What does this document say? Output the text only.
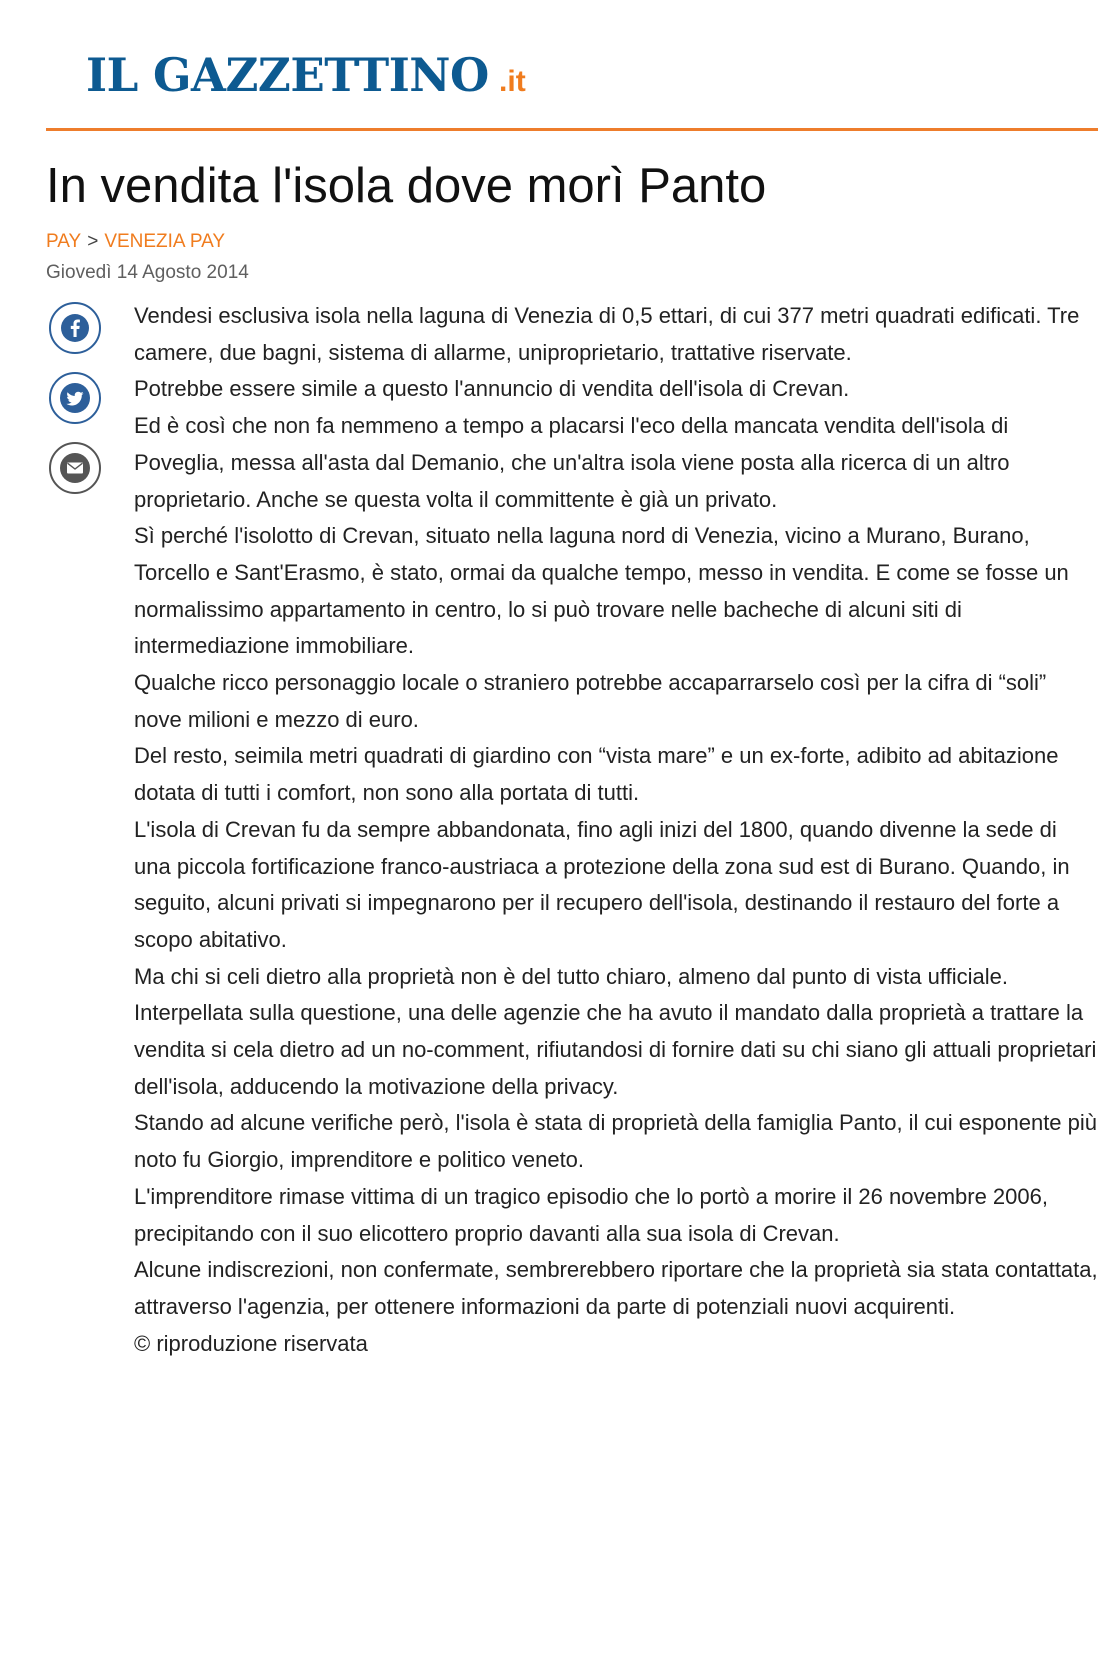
IL GAZZETTINO .it
In vendita l'isola dove morì Panto
PAY > VENEZIA PAY
Giovedì 14 Agosto 2014

Vendesi esclusiva isola nella laguna di Venezia di 0,5 ettari, di cui 377 metri quadrati edificati. Tre camere, due bagni, sistema di allarme, uniproprietario, trattative riservate.

Potrebbe essere simile a questo l'annuncio di vendita dell'isola di Crevan.

Ed è così che non fa nemmeno a tempo a placarsi l'eco della mancata vendita dell'isola di Poveglia, messa all'asta dal Demanio, che un'altra isola viene posta alla ricerca di un altro proprietario. Anche se questa volta il committente è già un privato.

Sì perché l'isolotto di Crevan, situato nella laguna nord di Venezia, vicino a Murano, Burano, Torcello e Sant'Erasmo, è stato, ormai da qualche tempo, messo in vendita. E come se fosse un normalissimo appartamento in centro, lo si può trovare nelle bacheche di alcuni siti di intermediazione immobiliare.

Qualche ricco personaggio locale o straniero potrebbe accaparrarselo così per la cifra di “soli” nove milioni e mezzo di euro.

Del resto, seimila metri quadrati di giardino con “vista mare” e un ex-forte, adibito ad abitazione dotata di tutti i comfort, non sono alla portata di tutti.

L'isola di Crevan fu da sempre abbandonata, fino agli inizi del 1800, quando divenne la sede di una piccola fortificazione franco-austriaca a protezione della zona sud est di Burano. Quando, in seguito, alcuni privati si impegnarono per il recupero dell'isola, destinando il restauro del forte a scopo abitativo.

Ma chi si celi dietro alla proprietà non è del tutto chiaro, almeno dal punto di vista ufficiale.

Interpellata sulla questione, una delle agenzie che ha avuto il mandato dalla proprietà a trattare la vendita si cela dietro ad un no-comment, rifiutandosi di fornire dati su chi siano gli attuali proprietari dell'isola, adducendo la motivazione della privacy.

Stando ad alcune verifiche però, l'isola è stata di proprietà della famiglia Panto, il cui esponente più noto fu Giorgio, imprenditore e politico veneto.

L'imprenditore rimase vittima di un tragico episodio che lo portò a morire il 26 novembre 2006, precipitando con il suo elicottero proprio davanti alla sua isola di Crevan.

Alcune indiscrezioni, non confermate, sembrerebbero riportare che la proprietà sia stata contattata, attraverso l'agenzia, per ottenere informazioni da parte di potenziali nuovi acquirenti.

© riproduzione riservata
